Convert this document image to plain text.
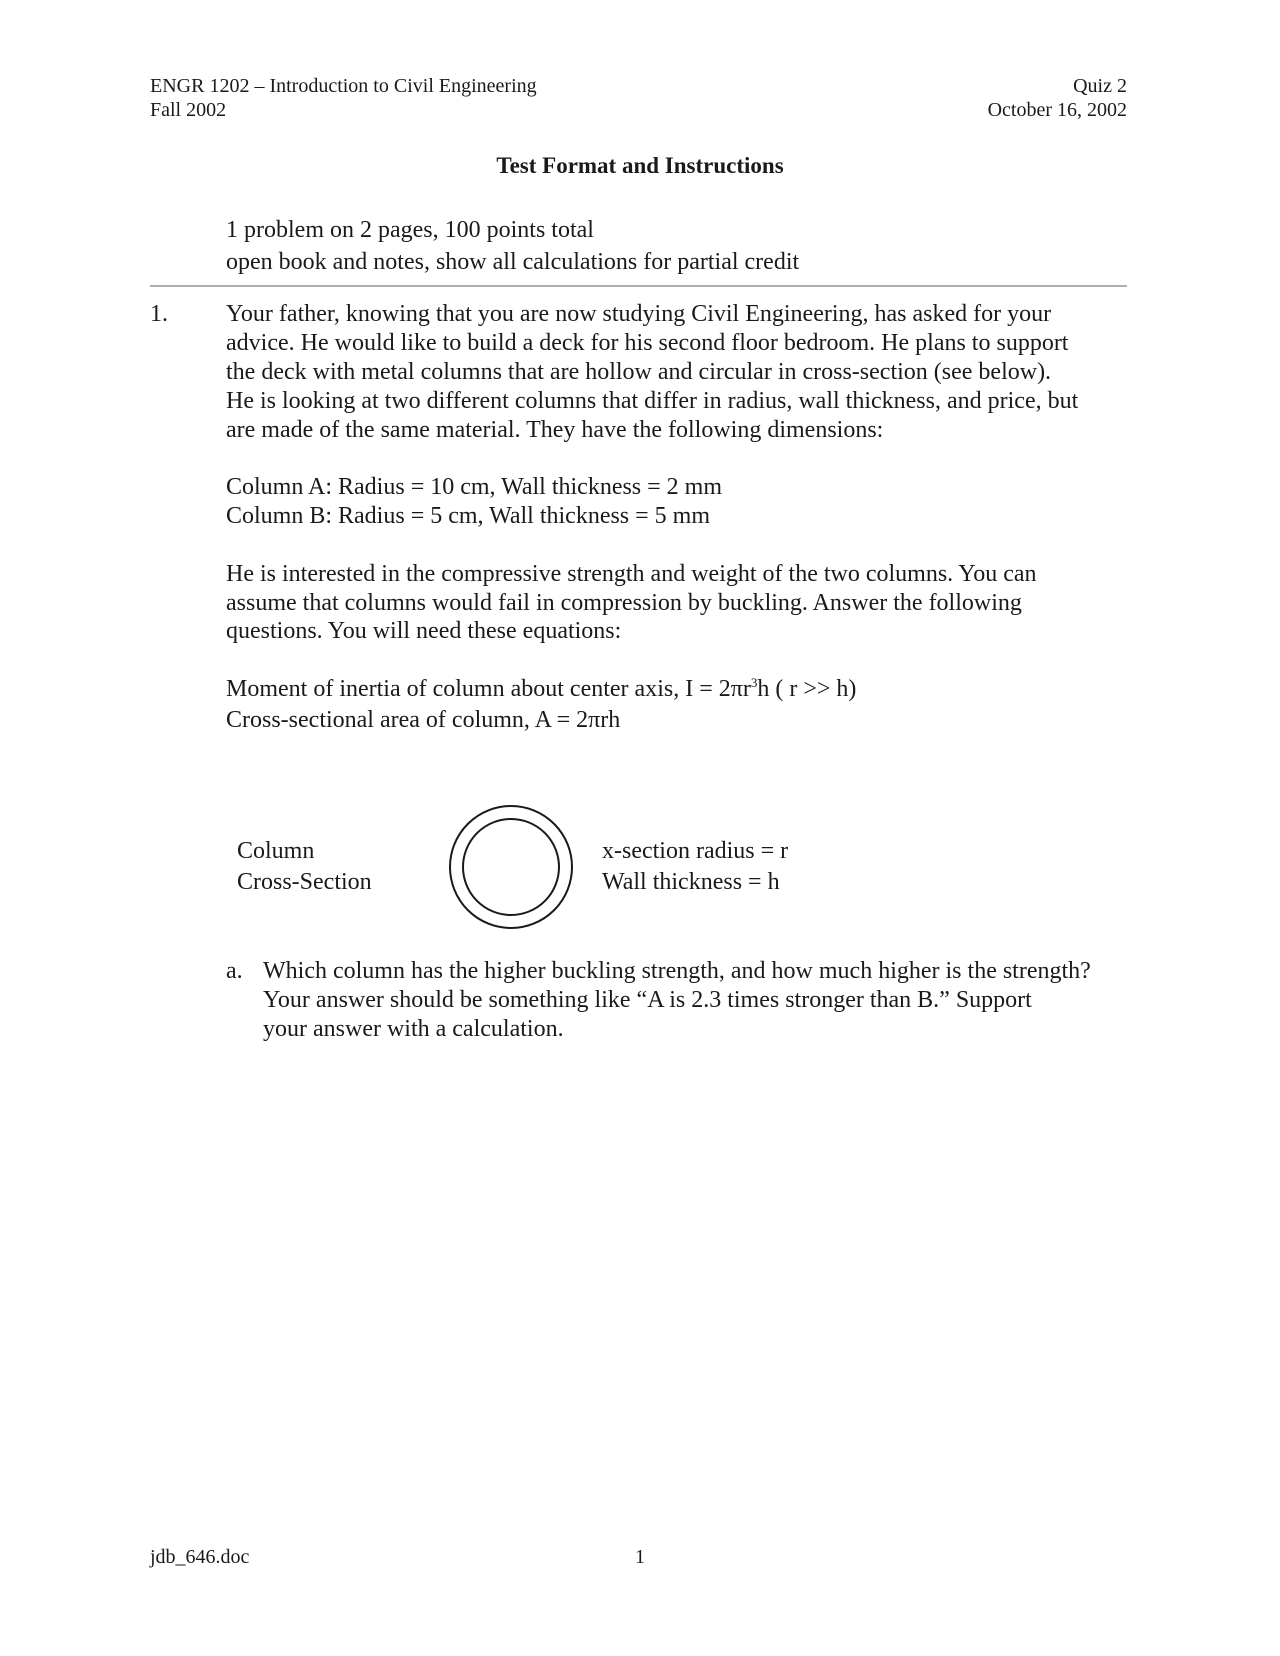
ENGR 1202 – Introduction to Civil Engineering
Fall 2002
Quiz 2
October 16, 2002
Test Format and Instructions
1 problem on 2 pages, 100 points total
open book and notes, show all calculations for partial credit
1. Your father, knowing that you are now studying Civil Engineering, has asked for your
advice. He would like to build a deck for his second floor bedroom. He plans to support
the deck with metal columns that are hollow and circular in cross-section (see below).
He is looking at two different columns that differ in radius, wall thickness, and price, but
are made of the same material. They have the following dimensions:
Column A: Radius = 10 cm, Wall thickness = 2 mm
Column B: Radius = 5 cm, Wall thickness = 5 mm
He is interested in the compressive strength and weight of the two columns. You can
assume that columns would fail in compression by buckling. Answer the following
questions. You will need these equations:
Moment of inertia of column about center axis, $I = 2\pi r^3h$ ( r >> h)
Cross-sectional area of column, A = 2πrh
Column
Cross-Section
x-section radius = r
Wall thickness = h
a. Which column has the higher buckling strength, and how much higher is the strength?
Your answer should be something like “A is 2.3 times stronger than B.” Support
your answer with a calculation.
jdb_646.doc	1
